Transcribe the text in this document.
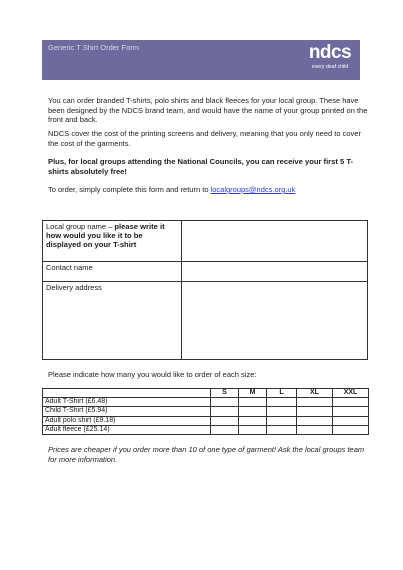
Generic T Shirt Order Form	ndcs
every deaf child
You can order branded T-shirts, polo shirts and black fleeces for your local group. These have been designed by the NDCS brand team, and would have the name of your group printed on the front and back.
NDCS cover the cost of the printing screens and delivery, meaning that you only need to cover the cost of the garments.
Plus, for local groups attending the National Councils, you can receive your first 5 T-shirts absolutely free!
To order, simply complete this form and return to localgroups@ndcs.org.uk
Local group name – please write it how would you like it to be displayed on your T-shirt	
Contact name	
Delivery address	
Please indicate how many you would like to order of each size:
	S	M	L	XL	XXL
Adult T-Shirt (£6.48)					
Child T-Shirt (£5.94)					
Adult polo shirt (£9.18)					
Adult fleece (£25.14)					
Prices are cheaper if you order more than 10 of one type of garment! Ask the local groups team for more information.
